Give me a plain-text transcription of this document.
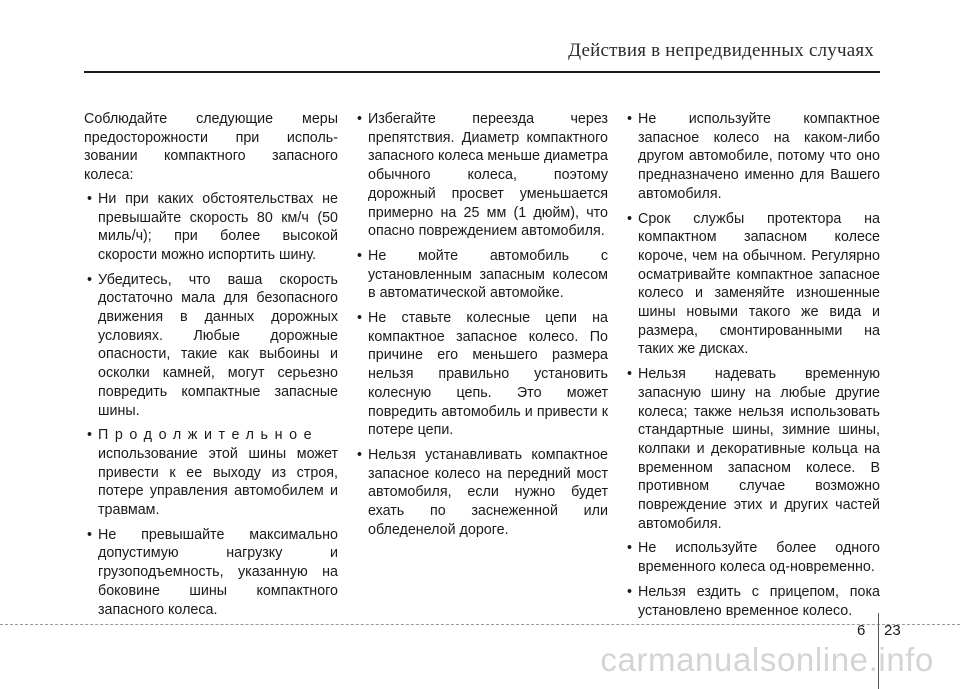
Действия в непредвиденных случаях

Соблюдайте следующие меры предосторожности при исполь-зовании компактного запасного колеса:

• Ни при каких обстоятельствах не превышайте скорость 80 км/ч (50 миль/ч); при более высокой скорости можно испортить шину.
• Убедитесь, что ваша скорость достаточно мала для безопасного движения в данных дорожных условиях. Любые дорожные опасности, такие как выбоины и осколки камней, могут серьезно повредить компактные запасные шины.
• Продолжительное
использование этой шины может привести к ее выходу из строя, потере управления автомобилем и травмам.
• Не превышайте максимально допустимую нагрузку и грузоподъемность, указанную на боковине шины компактного запасного колеса.
• Избегайте переезда через препятствия. Диаметр компактного запасного колеса меньше диаметра обычного колеса, поэтому дорожный просвет уменьшается примерно на 25 мм (1 дюйм), что опасно повреждением автомобиля.
• Не мойте автомобиль с установленным запасным колесом в автоматической автомойке.
• Не ставьте колесные цепи на компактное запасное колесо. По причине его меньшего размера нельзя правильно установить колесную цепь. Это может повредить автомобиль и привести к потере цепи.
• Нельзя устанавливать компактное запасное колесо на передний мост автомобиля, если нужно будет ехать по заснеженной или обледенелой дороге.
• Не используйте компактное запасное колесо на каком-либо другом автомобиле, потому что оно предназначено именно для Вашего автомобиля.
• Срок службы протектора на компактном запасном колесе короче, чем на обычном. Регулярно осматривайте компактное запасное колесо и заменяйте изношенные шины новыми такого же вида и размера, смонтированными на таких же дисках.
• Нельзя надевать временную запасную шину на любые другие колеса; также нельзя использовать стандартные шины, зимние шины, колпаки и декоративные кольца на временном запасном колесе. В противном случае возможно повреждение этих и других частей автомобиля.
• Не используйте более одного временного колеса од-новременно.
• Нельзя ездить с прицепом, пока установлено временное колесо.
6 23
carmanualsonline.info
